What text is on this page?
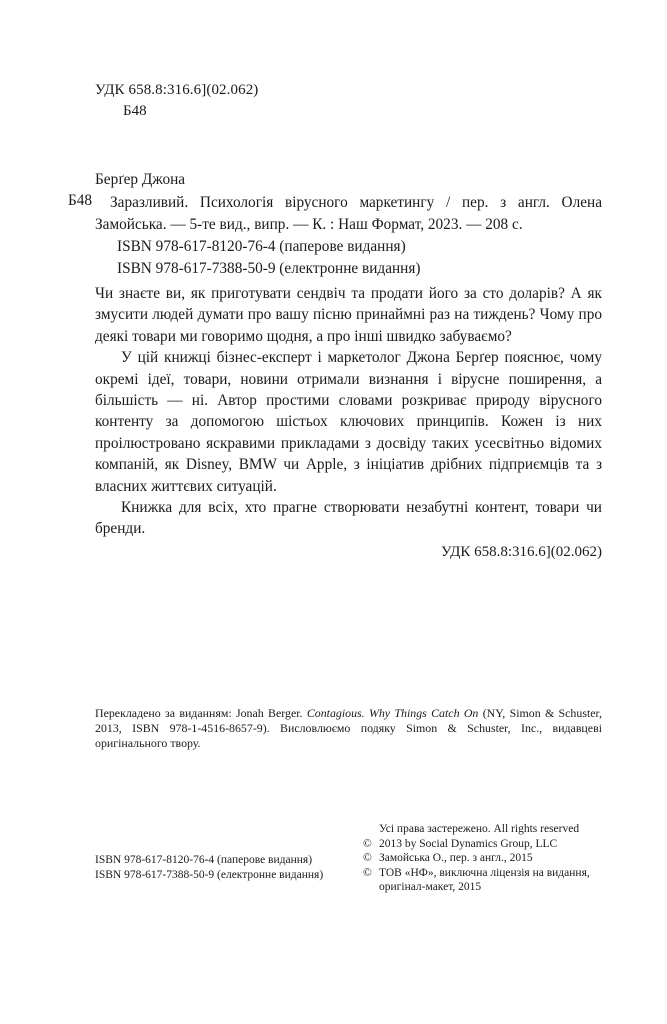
УДК 658.8:316.6](02.062)
Б48
Берґер Джона
Б48	Заразливий. Психологія вірусного маркетингу / пер. з англ. Олена Замойська. — 5-те вид., випр. — К. : Наш Формат, 2023. — 208 с.

ISBN 978-617-8120-76-4 (паперове видання)
ISBN 978-617-7388-50-9 (електронне видання)

Чи знаєте ви, як приготувати сендвіч та продати його за сто доларів? А як змусити людей думати про вашу пісню принаймні раз на тиждень? Чому про деякі товари ми говоримо щодня, а про інші швидко забуваємо?

У цій книжці бізнес-експерт і маркетолог Джона Берґер пояснює, чому окремі ідеї, товари, новини отримали визнання і вірусне поширення, а більшість — ні. Автор простими словами розкриває природу вірусного контенту за допомогою шістьох ключових принципів. Кожен із них проілюстровано яскравими прикладами з досвіду таких усесвітньо відомих компаній, як Disney, BMW чи Apple, з ініціатив дрібних підприємців та з власних життєвих ситуацій.

Книжка для всіх, хто прагне створювати незабутні контент, товари чи бренди.

УДК 658.8:316.6](02.062)
Перекладено за виданням: Jonah Berger. Contagious. Why Things Catch On (NY, Simon & Schuster, 2013, ISBN 978-1-4516-8657-9). Висловлюємо подяку Simon & Schuster, Inc., видавцеві оригінального твору.
Усі права застережено. All rights reserved
© 2013 by Social Dynamics Group, LLC
© Замойська О., пер. з англ., 2015
© ТОВ «НФ», виключна ліцензія на видання,
оригінал-макет, 2015
ISBN 978-617-8120-76-4 (паперове видання)
ISBN 978-617-7388-50-9 (електронне видання)
